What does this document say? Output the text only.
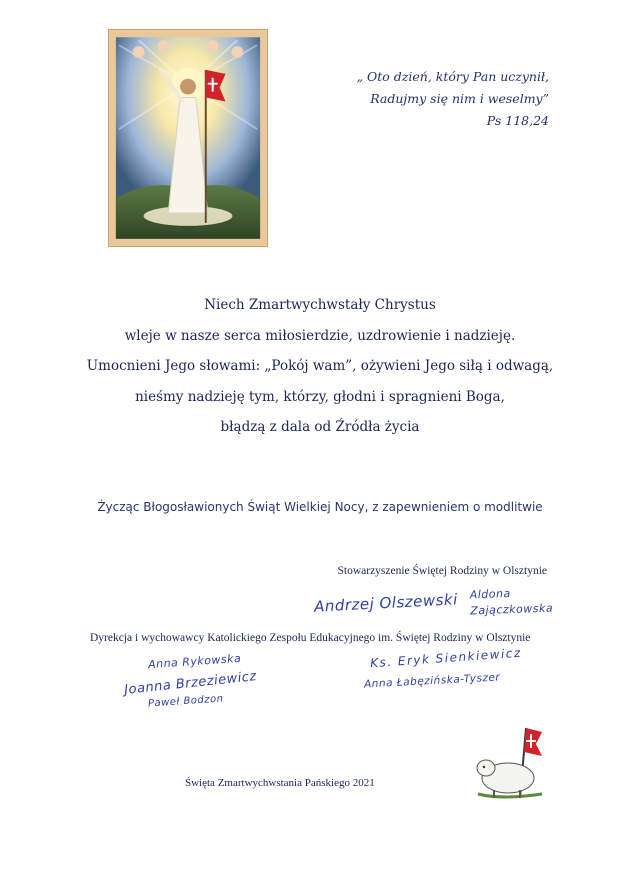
„ Oto dzień, który Pan uczynił,
Radujmy się nim i weselmy”
Ps 118,24
Niech Zmartwychwstały Chrystus
wleje w nasze serca miłosierdzie, uzdrowienie i nadzieję.
Umocnieni Jego słowami: „Pokój wam”, ożywieni Jego siłą i odwagą,
nieśmy nadzieję tym, którzy, głodni i spragnieni Boga,
błądzą z dala od Źródła życia
Życząc Błogosławionych Świąt Wielkiej Nocy, z zapewnieniem o modlitwie
Stowarzyszenie Świętej Rodziny w Olsztynie
Andrzej Olszewski Aldona
Zajączkowska
Dyrekcja i wychowawcy Katolickiego Zespołu Edukacyjnego im. Świętej Rodziny w Olsztynie
Anna Rykowska
Joanna Brzeziewicz
Paweł Bodzon
Ks. Eryk Sienkiewicz
Anna Łabęzińska-Tyszer
Święta Zmartwychwstania Pańskiego 2021
